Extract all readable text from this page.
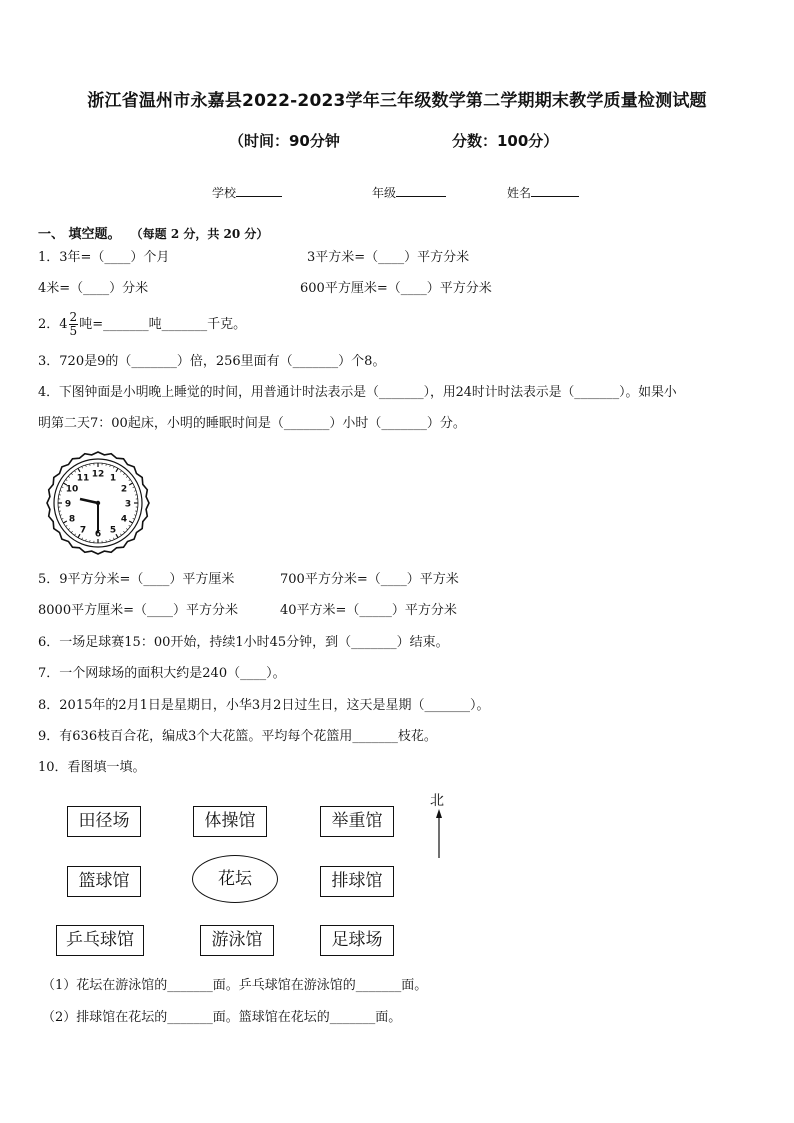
浙江省温州市永嘉县2022-2023学年三年级数学第二学期期末教学质量检测试题
（时间：90分钟	分数：100分）
学校	年级	姓名
一、 填空题。 （每题 2 分，共 20 分）
1．3年=（____）个月	3平方米=（____）平方分米
4米=（____）分米	600平方厘米=（____）平方分米
2．$4 \frac{2}{5}$ 吨=_______吨_______千克。
3．720是9的（_______）倍，256里面有（_______）个8。
4．下图钟面是小明晚上睡觉的时间，用普通计时法表示是（_______），用24时计时法表示是（_______）。如果小
明第二天7：00起床，小明的睡眠时间是（_______）小时（_______）分。
12 1
2
3
4
5
6
7
8
9
10
11
5．9平方分米=（____）平方厘米	700平方分米=（____）平方米
8000平方厘米=（____）平方分米	40平方米=（_____）平方分米
6．一场足球赛15：00开始，持续1小时45分钟，到（_______）结束。
7．一个网球场的面积大约是240（____）。
8．2015年的2月1日是星期日，小华3月2日过生日，这天是星期（_______）。
9．有636枝百合花，编成3个大花篮。平均每个花篮用_______枝花。
10．看图填一填。
北
田径场	体操馆	举重馆
篮球馆	花坛	排球馆
乒乓球馆	游泳馆	足球场
（1）花坛在游泳馆的_______面。乒乓球馆在游泳馆的_______面。
（2）排球馆在花坛的_______面。篮球馆在花坛的_______面。
